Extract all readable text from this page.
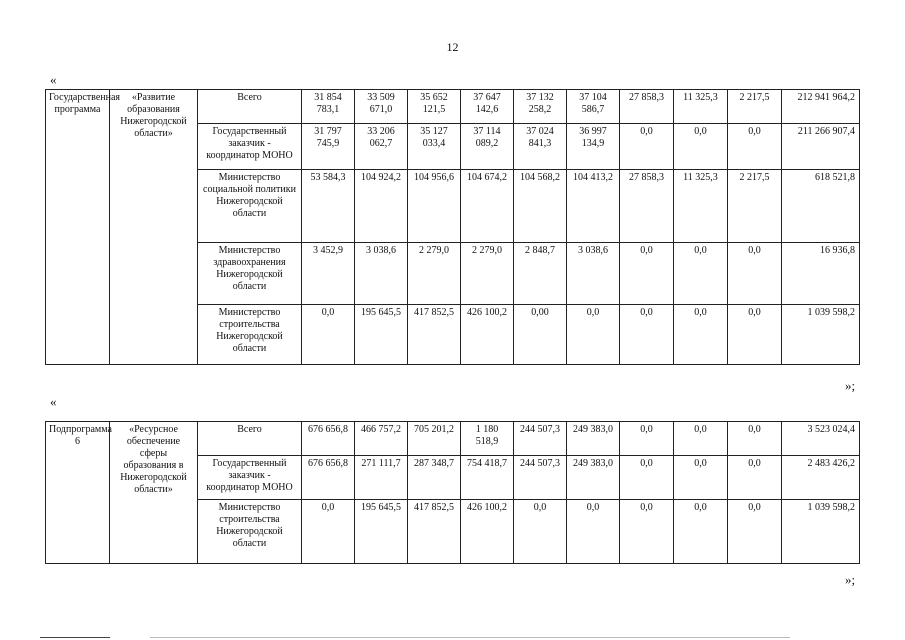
12
«
Государственная программа	«Развитие образования Нижегородской области»	Всего	31 854 783,1	33 509 671,0	35 652 121,5	37 647 142,6	37 132 258,2	37 104 586,7	27 858,3	11 325,3	2 217,5	212 941 964,2
		Государственный заказчик - координатор МОНО	31 797 745,9	33 206 062,7	35 127 033,4	37 114 089,2	37 024 841,3	36 997 134,9	0,0	0,0	0,0	211 266 907,4
		Министерство социальной политики Нижегородской области	53 584,3	104 924,2	104 956,6	104 674,2	104 568,2	104 413,2	27 858,3	11 325,3	2 217,5	618 521,8
		Министерство здравоохранения Нижегородской области	3 452,9	3 038,6	2 279,0	2 279,0	2 848,7	3 038,6	0,0	0,0	0,0	16 936,8
		Министерство строительства Нижегородской области	0,0	195 645,5	417 852,5	426 100,2	0,00	0,0	0,0	0,0	0,0	1 039 598,2
»;
«
Подпрограмма 6	«Ресурсное обеспечение сферы образования в Нижегородской области»	Всего	676 656,8	466 757,2	705 201,2	1 180 518,9	244 507,3	249 383,0	0,0	0,0	0,0	3 523 024,4
		Государственный заказчик - координатор МОНО	676 656,8	271 111,7	287 348,7	754 418,7	244 507,3	249 383,0	0,0	0,0	0,0	2 483 426,2
		Министерство строительства Нижегородской области	0,0	195 645,5	417 852,5	426 100,2	0,0	0,0	0,0	0,0	0,0	1 039 598,2
»;
